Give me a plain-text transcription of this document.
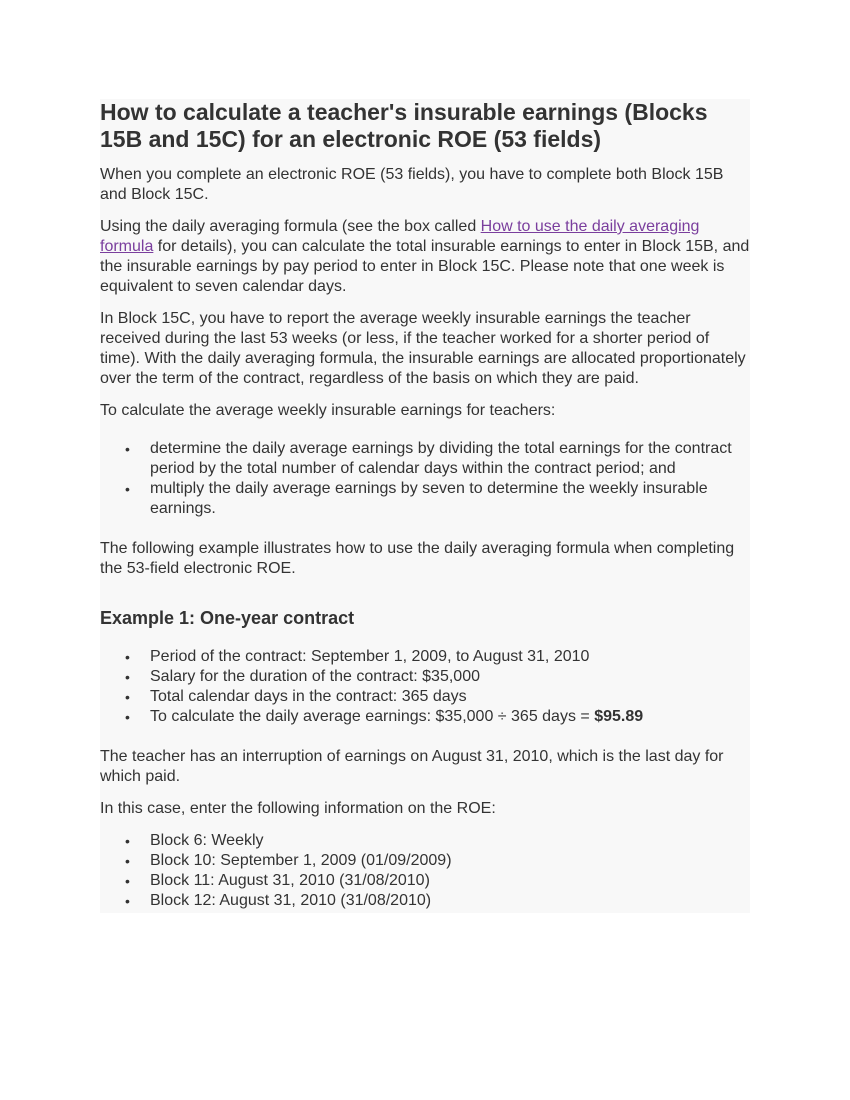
How to calculate a teacher's insurable earnings (Blocks 15B and 15C) for an electronic ROE (53 fields)

When you complete an electronic ROE (53 fields), you have to complete both Block 15B and Block 15C.

Using the daily averaging formula (see the box called How to use the daily averaging formula for details), you can calculate the total insurable earnings to enter in Block 15B, and the insurable earnings by pay period to enter in Block 15C. Please note that one week is equivalent to seven calendar days.

In Block 15C, you have to report the average weekly insurable earnings the teacher received during the last 53 weeks (or less, if the teacher worked for a shorter period of time). With the daily averaging formula, the insurable earnings are allocated proportionately over the term of the contract, regardless of the basis on which they are paid.

To calculate the average weekly insurable earnings for teachers:

• determine the daily average earnings by dividing the total earnings for the contract period by the total number of calendar days within the contract period; and
• multiply the daily average earnings by seven to determine the weekly insurable earnings.

The following example illustrates how to use the daily averaging formula when completing the 53-field electronic ROE.

Example 1: One-year contract
• Period of the contract: September 1, 2009, to August 31, 2010
• Salary for the duration of the contract: $35,000
• Total calendar days in the contract: 365 days
• To calculate the daily average earnings: $35,000 ÷ 365 days = $95.89

The teacher has an interruption of earnings on August 31, 2010, which is the last day for which paid.

In this case, enter the following information on the ROE:

• Block 6: Weekly
• Block 10: September 1, 2009 (01/09/2009)
• Block 11: August 31, 2010 (31/08/2010)
• Block 12: August 31, 2010 (31/08/2010)
